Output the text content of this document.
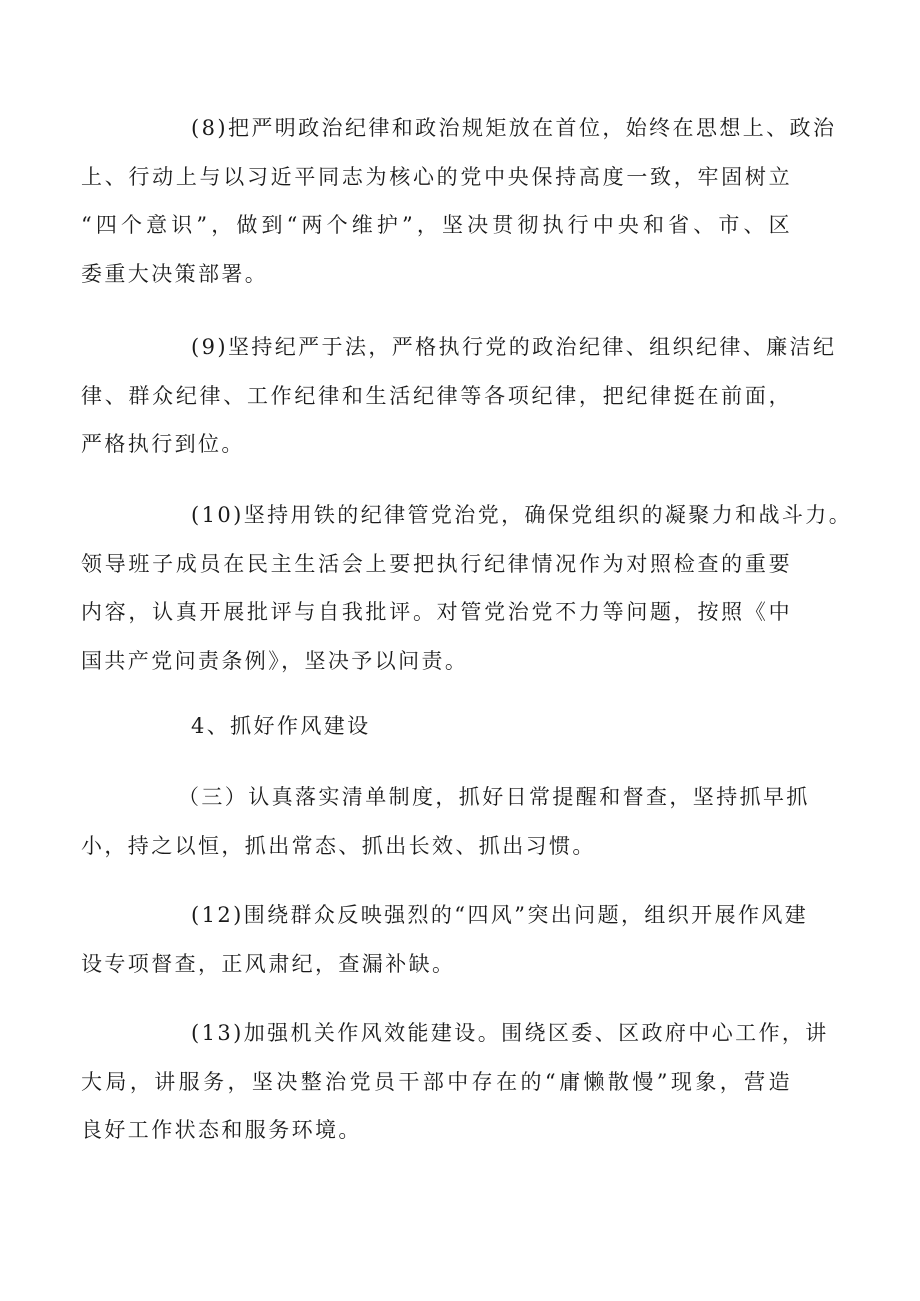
(8)把严明政治纪律和政治规矩放在首位，始终在思想上、政治
上、行动上与以习近平同志为核心的党中央保持高度一致，牢固树立
“四个意识”，做到“两个维护”，坚决贯彻执行中央和省、市、区
委重大决策部署。
(9)坚持纪严于法，严格执行党的政治纪律、组织纪律、廉洁纪
律、群众纪律、工作纪律和生活纪律等各项纪律，把纪律挺在前面，
严格执行到位。
(10)坚持用铁的纪律管党治党，确保党组织的凝聚力和战斗力。
领导班子成员在民主生活会上要把执行纪律情况作为对照检查的重要
内容，认真开展批评与自我批评。对管党治党不力等问题，按照《中
国共产党问责条例》，坚决予以问责。
4、抓好作风建设
（三）认真落实清单制度，抓好日常提醒和督查，坚持抓早抓
小，持之以恒，抓出常态、抓出长效、抓出习惯。
(12)围绕群众反映强烈的“四风”突出问题，组织开展作风建
设专项督查，正风肃纪，查漏补缺。
(13)加强机关作风效能建设。围绕区委、区政府中心工作，讲
大局，讲服务，坚决整治党员干部中存在的“庸懒散慢”现象，营造
良好工作状态和服务环境。
